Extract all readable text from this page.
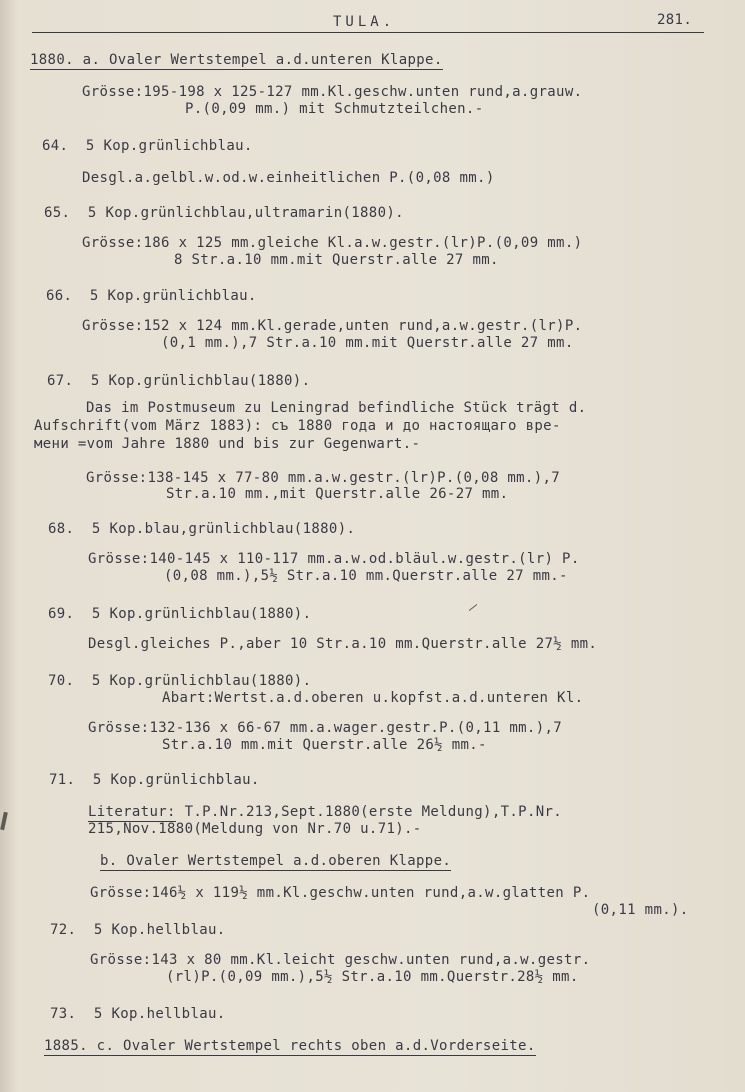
TULA.	281.
1880. a. Ovaler Wertstempel a.d.unteren Klappe.
Grösse:195-198 x 125-127 mm.Kl.geschw.unten rund,a.grauw.
P.(0,09 mm.) mit Schmutzteilchen.-
64.  5 Kop.grünlichblau.
Desgl.a.gelbl.w.od.w.einheitlichen P.(0,08 mm.)
65.  5 Kop.grünlichblau,ultramarin(1880).
Grösse:186 x 125 mm.gleiche Kl.a.w.gestr.(lr)P.(0,09 mm.)
8 Str.a.10 mm.mit Querstr.alle 27 mm.
66.  5 Kop.grünlichblau.
Grösse:152 x 124 mm.Kl.gerade,unten rund,a.w.gestr.(lr)P.
(0,1 mm.),7 Str.a.10 mm.mit Querstr.alle 27 mm.
67.  5 Kop.grünlichblau(1880).
Das im Postmuseum zu Leningrad befindliche Stück trägt d.
Aufschrift(vom März 1883): съ 1880 года и до настоящаго вре-
мени =vom Jahre 1880 und bis zur Gegenwart.-
Grösse:138-145 x 77-80 mm.a.w.gestr.(lr)P.(0,08 mm.),7
Str.a.10 mm.,mit Querstr.alle 26-27 mm.
68.  5 Kop.blau,grünlichblau(1880).
Grösse:140-145 x 110-117 mm.a.w.od.bläul.w.gestr.(lr) P.
(0,08 mm.),5½ Str.a.10 mm.Querstr.alle 27 mm.-
69.  5 Kop.grünlichblau(1880).
Desgl.gleiches P.,aber 10 Str.a.10 mm.Querstr.alle 27½ mm.
70.  5 Kop.grünlichblau(1880).
Abart:Wertst.a.d.oberen u.kopfst.a.d.unteren Kl.
Grösse:132-136 x 66-67 mm.a.wager.gestr.P.(0,11 mm.),7
Str.a.10 mm.mit Querstr.alle 26½ mm.-
71.  5 Kop.grünlichblau.
Literatur: T.P.Nr.213,Sept.1880(erste Meldung),T.P.Nr.
215,Nov.1880(Meldung von Nr.70 u.71).-
b. Ovaler Wertstempel a.d.oberen Klappe.
Grösse:146½ x 119½ mm.Kl.geschw.unten rund,a.w.glatten P.
(0,11 mm.).
72.  5 Kop.hellblau.
Grösse:143 x 80 mm.Kl.leicht geschw.unten rund,a.w.gestr.
(rl)P.(0,09 mm.),5½ Str.a.10 mm.Querstr.28½ mm.
73.  5 Kop.hellblau.
1885. c. Ovaler Wertstempel rechts oben a.d.Vorderseite.
